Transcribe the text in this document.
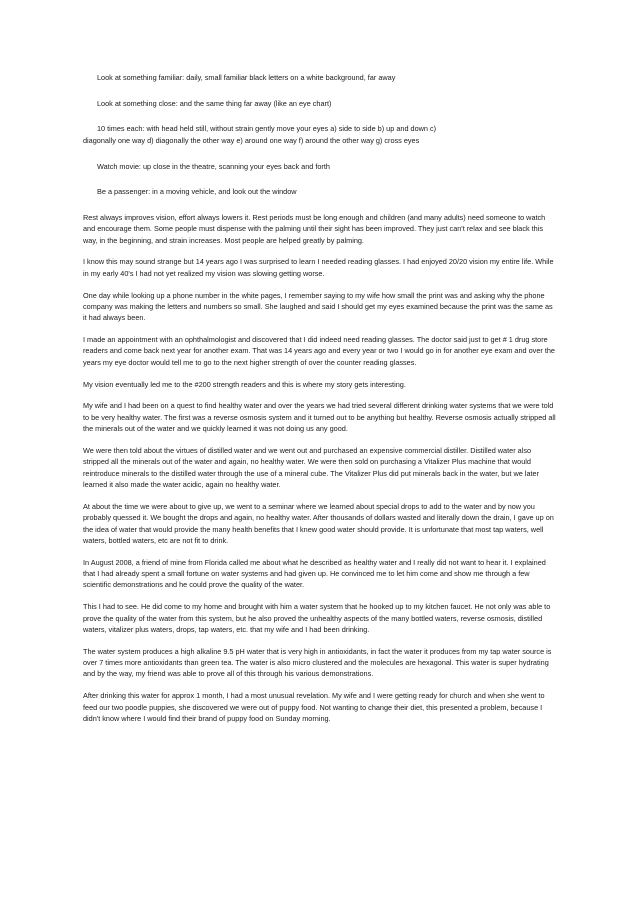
Look at something familiar: daily, small familiar black letters on a white background, far away
Look at something close: and the same thing far away (like an eye chart)
10 times each: with head held still, without strain gently move your eyes a) side to side b) up and down c)
diagonally one way d) diagonally the other way e) around one way f) around the other way g) cross eyes
Watch movie: up close in the theatre, scanning your eyes back and forth
Be a passenger: in a moving vehicle, and look out the window

Rest always improves vision, effort always lowers it. Rest periods must be long enough and children (and many adults) need someone to watch and encourage them. Some people must dispense with the palming until their sight has been improved. They just can't relax and see black this way, in the beginning, and strain increases. Most people are helped greatly by palming.

I know this may sound strange but 14 years ago I was surprised to learn I needed reading glasses. I had enjoyed 20/20 vision my entire life. While in my early 40's I had not yet realized my vision was slowing getting worse.

One day while looking up a phone number in the white pages, I remember saying to my wife how small the print was and asking why the phone company was making the letters and numbers so small. She laughed and said I should get my eyes examined because the print was the same as it had always been.

I made an appointment with an ophthalmologist and discovered that I did indeed need reading glasses. The doctor said just to get # 1 drug store readers and come back next year for another exam. That was 14 years ago and every year or two I would go in for another eye exam and over the years my eye doctor would tell me to go to the next higher strength of over the counter reading glasses.

My vision eventually led me to the #200 strength readers and this is where my story gets interesting.

My wife and I had been on a quest to find healthy water and over the years we had tried several different drinking water systems that we were told to be very healthy water. The first was a reverse osmosis system and it turned out to be anything but healthy. Reverse osmosis actually stripped all the minerals out of the water and we quickly learned it was not doing us any good.

We were then told about the virtues of distilled water and we went out and purchased an expensive commercial distiller. Distilled water also stripped all the minerals out of the water and again, no healthy water. We were then sold on purchasing a Vitalizer Plus machine that would reintroduce minerals to the distilled water through the use of a mineral cube. The Vitalizer Plus did put minerals back in the water, but we later learned it also made the water acidic, again no healthy water.

At about the time we were about to give up, we went to a seminar where we learned about special drops to add to the water and by now you probably quessed it. We bought the drops and again, no healthy water. After thousands of dollars wasted and literally down the drain, I gave up on the idea of water that would provide the many health benefits that I knew good water should provide. It is unfortunate that most tap waters, well waters, bottled waters, etc are not fit to drink.

In August 2008, a friend of mine from Florida called me about what he described as healthy water and I really did not want to hear it. I explained that I had already spent a small fortune on water systems and had given up. He convinced me to let him come and show me through a few scientific demonstrations and he could prove the quality of the water.

This I had to see. He did come to my home and brought with him a water system that he hooked up to my kitchen faucet. He not only was able to prove the quality of the water from this system, but he also proved the unhealthy aspects of the many bottled waters, reverse osmosis, distilled waters, vitalizer plus waters, drops, tap waters, etc. that my wife and I had been drinking.

The water system produces a high alkaline 9.5 pH water that is very high in antioxidants, in fact the water it produces from my tap water source is over 7 times more antioxidants than green tea. The water is also micro clustered and the molecules are hexagonal. This water is super hydrating and by the way, my friend was able to prove all of this through his various demonstrations.

After drinking this water for approx 1 month, I had a most unusual revelation. My wife and I were getting ready for church and when she went to feed our two poodle puppies, she discovered we were out of puppy food. Not wanting to change their diet, this presented a problem, because I didn't know where I would find their brand of puppy food on Sunday morning.
